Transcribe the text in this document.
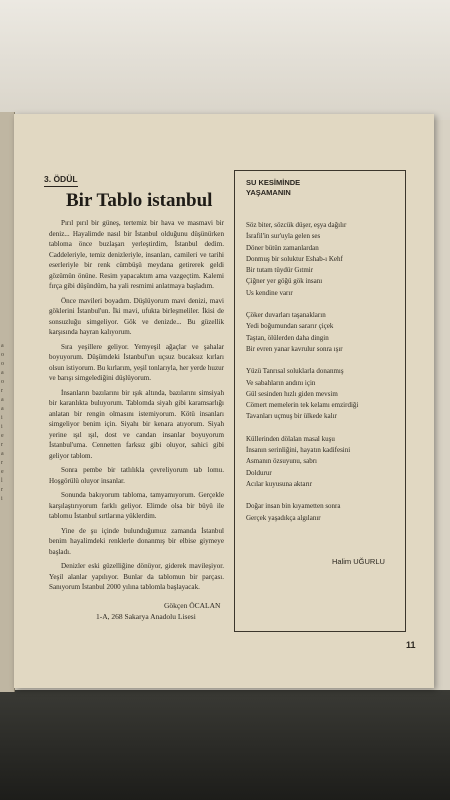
a
o
o
a
o
r
a
a
i
i
e
r
a
r
e
l
r
i
3. ÖDÜL
Bir Tablo istanbul

Pırıl pırıl bir güneş, tertemiz bir hava ve masmavi bir deniz... Hayalimde nasıl bir İstanbul olduğunu düşünürken tabloma önce buzlaşarı yerleştirdim, İstanbul dedim. Caddeleriyle, temiz denizleriyle, insanları, camileri ve tarihi eserleriyle bir renk cümbüşü meydana getirerek geldi gözümün önüne. Resim yapacaktım ama vazgeçtim. Kalemi fırça gibi düşündüm, ha yali resmimi anlatmaya başladım.

Önce mavileri boyadım. Düşlüyorum mavi denizi, mavi göklerini İstanbul'un. İki mavi, ufukta birleşmeliler. İkisi de sonsuzluğu simgeliyor. Gök ve denizde... Bu güzellik karşısında hayran kalıyorum.

Sıra yeşillere geliyor. Yemyeşil ağaçlar ve şahalar boyuyorum. Düşümdeki İstanbul'un uçsuz bucaksız kırları olsun istiyorum. Bu kırlarım, yeşil tonlarıyla, her yerde huzur ve barışı simgelediğini düşlüyorum.

İnsanların bazılarını bir ışık altında, bazılarını simsiyah bir karanlıkta buluyorum. Tablomda siyah gibi karamsarlığı anlatan bir rengin olmasını istemiyorum. Kötü insanları simgeliyor benim için. Siyahı bir kenara atıyorum. Siyah yerine ışıl ışıl, dost ve candan insanlar boyuyorum İstanbul'uma. Cennetten farksız gibi oluyor, sahici gibi geliyor tablom.

Sonra pembe bir tatlılıkla çevreliyorum tab lomu. Hoşgörülü oluyor insanlar.

Sonunda bakıyorum tabloma, tamyamıyorum. Gerçekle karşılaştırıyorum farklı geliyor. Elimde olsa bir büyü ile tablomu İstanbul sırtlarına yüklerdim.

Yine de şu içinde bulunduğumuz zamanda İstanbul benim hayalimdeki renklerle donanmış bir elbise giymeye başladı.

Denizler eski güzelliğine dönüyor, giderek mavileşiyor. Yeşil alanlar yapılıyor. Bunlar da tablomun bir parçası. Sanıyorum İstanbul 2000 yılına tablomla başlayacak.

Gökçen ÖCALAN
1-A, 268 Sakarya Anadolu Lisesi
SU KESİMİNDE
YAŞAMANIN
Söz biter, sözcük düşer, eşya dağılır
İsrafil'in sur'uyla gelen ses
Döner bütün zamanlardan
Donmuş bir soluktur Eshab-ı Kehf
Bir tutam tüydür Gıtmir
Çiğner yer göğü gök insanı
Us kendine varır
Çöker duvarları taşanakların
Yedi boğumundan sararır çiçek
Taştan, ölülerden daha dingin
Bir evren yanar kavrulur sonra ışır
Yüzü Tanrısal soluklarla donanmış
Ve sabahların andını için
Gül sesinden hızlı giden mevsim
Cömert memelerin tek kelamı emzirdiği
Tavanları uçmuş bir ülkede kalır
Küllerinden dölalan masal kuşu
İnsanın serinliğini, hayatın kadifesini
Asmanın özsuyunu, sabrı
Doldurur
Acılar kuyusuna aktarır
Doğar insan bin kıyametten sonra
Gerçek yaşadıkça algılanır
Halim UĞURLU
11
